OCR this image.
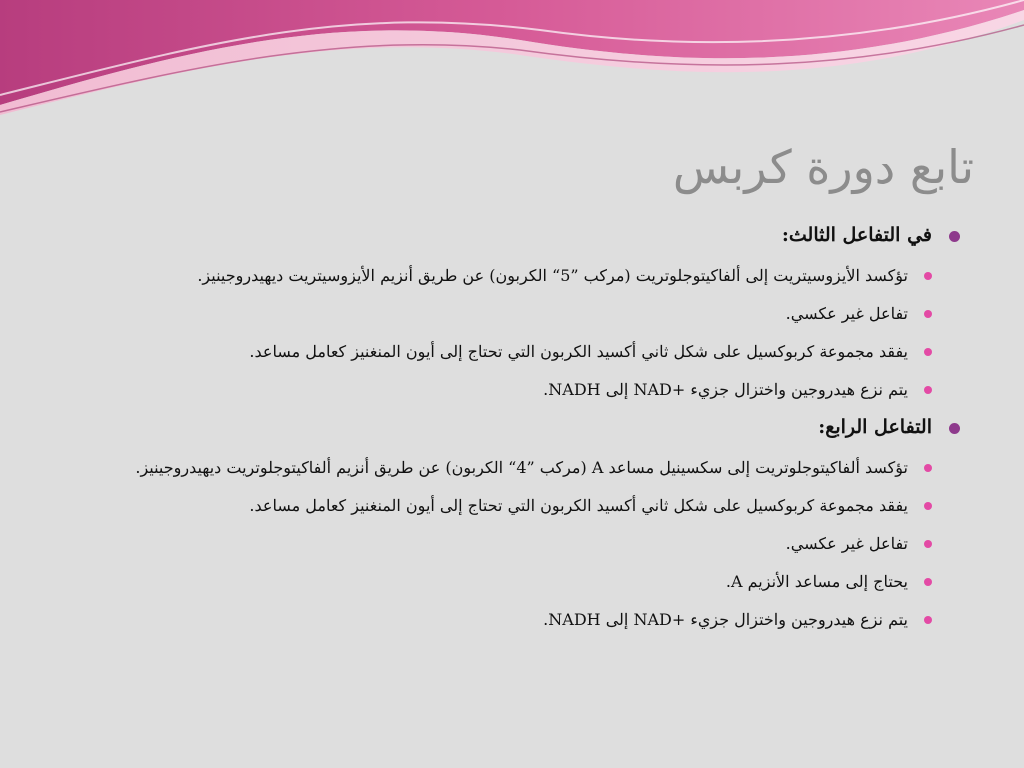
تابع دورة كربس
في التفاعل الثالث:
تؤكسد الأيزوسيتريت إلى ألفاكيتوجلوتريت (مركب ”5“ الكربون) عن طريق أنزيم الأيزوسيتريت ديهيدروجينيز.
تفاعل غير عكسي.
يفقد مجموعة كربوكسيل على شكل ثاني أكسيد الكربون التي تحتاج إلى أيون المنغنيز كعامل مساعد.
يتم نزع هيدروجين واختزال جزيء +NAD إلى NADH.
التفاعل الرابع:
تؤكسد ألفاكيتوجلوتريت إلى سكسينيل مساعد A (مركب ”4“ الكربون) عن طريق أنزيم ألفاكيتوجلوتريت ديهيدروجينيز.
يفقد مجموعة كربوكسيل على شكل ثاني أكسيد الكربون التي تحتاج إلى أيون المنغنيز كعامل مساعد.
تفاعل غير عكسي.
يحتاج إلى مساعد الأنزيم A.
يتم نزع هيدروجين واختزال جزيء +NAD إلى NADH.
